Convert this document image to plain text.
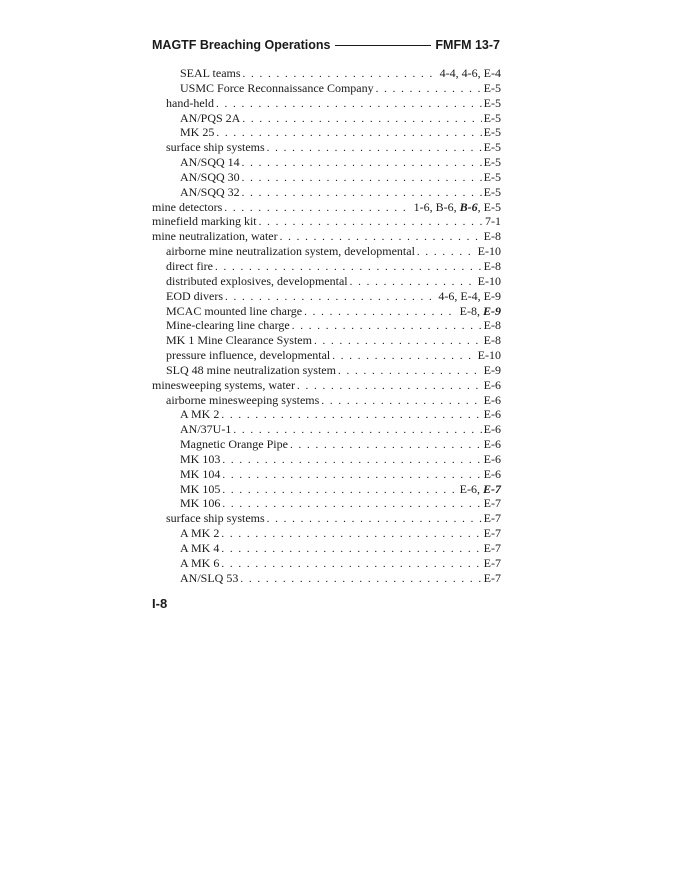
MAGTF Breaching Operations	FMFM 13-7
SEAL teams . . .	4-4, 4-6, E-4
USMC Force Reconnaissance Company . . .	E-5
hand-held . . .	E-5
AN/PQS 2A . . .	E-5
MK 25 . . .	E-5
surface ship systems . . .	E-5
AN/SQQ 14 . . .	E-5
AN/SQQ 30 . . .	E-5
AN/SQQ 32 . . .	E-5
mine detectors . . .	1-6, B-6, B-6, E-5
minefield marking kit . . .	7-1
mine neutralization, water . . .	E-8
airborne mine neutralization system, developmental . . .	E-10
direct fire . . .	E-8
distributed explosives, developmental . . .	E-10
EOD divers . . .	4-6, E-4, E-9
MCAC mounted line charge . . .	E-8, E-9
Mine-clearing line charge . . .	E-8
MK 1 Mine Clearance System . . .	E-8
pressure influence, developmental . . .	E-10
SLQ 48 mine neutralization system . . .	E-9
minesweeping systems, water . . .	E-6
airborne minesweeping systems . . .	E-6
A MK 2 . . .	E-6
AN/37U-1 . . .	E-6
Magnetic Orange Pipe . . .	E-6
MK 103 . . .	E-6
MK 104 . . .	E-6
MK 105 . . .	E-6, E-7
MK 106 . . .	E-7
surface ship systems . . .	E-7
A MK 2 . . .	E-7
A MK 4 . . .	E-7
A MK 6 . . .	E-7
AN/SLQ 53 . . .	E-7
I-8
